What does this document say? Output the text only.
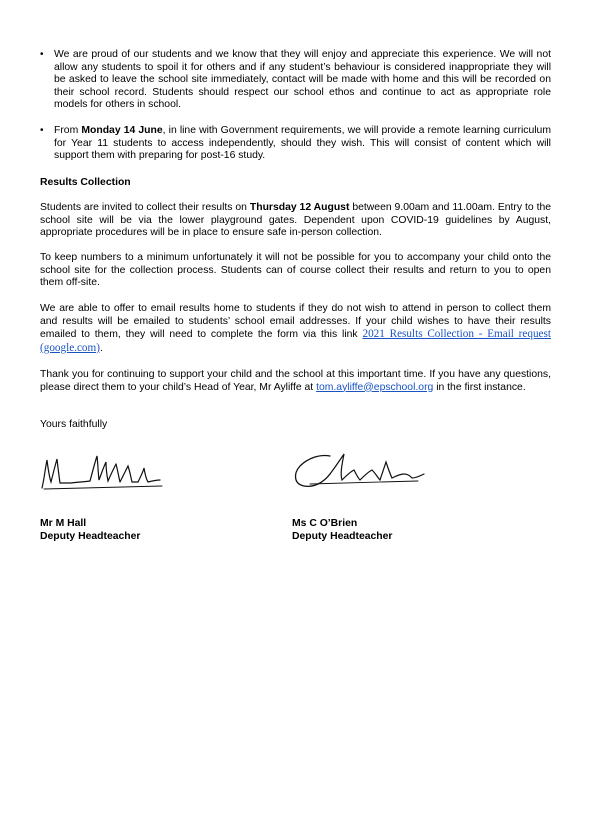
• We are proud of our students and we know that they will enjoy and appreciate this experience. We will not allow any students to spoil it for others and if any student’s behaviour is considered inappropriate they will be asked to leave the school site immediately, contact will be made with home and this will be recorded on their school record. Students should respect our school ethos and continue to act as appropriate role models for others in school.
• From Monday 14 June, in line with Government requirements, we will provide a remote learning curriculum for Year 11 students to access independently, should they wish. This will consist of content which will support them with preparing for post-16 study.

Results Collection

Students are invited to collect their results on Thursday 12 August between 9.00am and 11.00am. Entry to the school site will be via the lower playground gates. Dependent upon COVID-19 guidelines by August, appropriate procedures will be in place to ensure safe in-person collection.

To keep numbers to a minimum unfortunately it will not be possible for you to accompany your child onto the school site for the collection process. Students can of course collect their results and return to you to open them off-site.

We are able to offer to email results home to students if they do not wish to attend in person to collect them and results will be emailed to students’ school email addresses. If your child wishes to have their results emailed to them, they will need to complete the form via this link 2021 Results Collection - Email request (google.com).

Thank you for continuing to support your child and the school at this important time. If you have any questions, please direct them to your child’s Head of Year, Mr Ayliffe at tom.ayliffe@epschool.org in the first instance.

Yours faithfully

Mr M Hall
Deputy Headteacher
Ms C O’Brien
Deputy Headteacher
